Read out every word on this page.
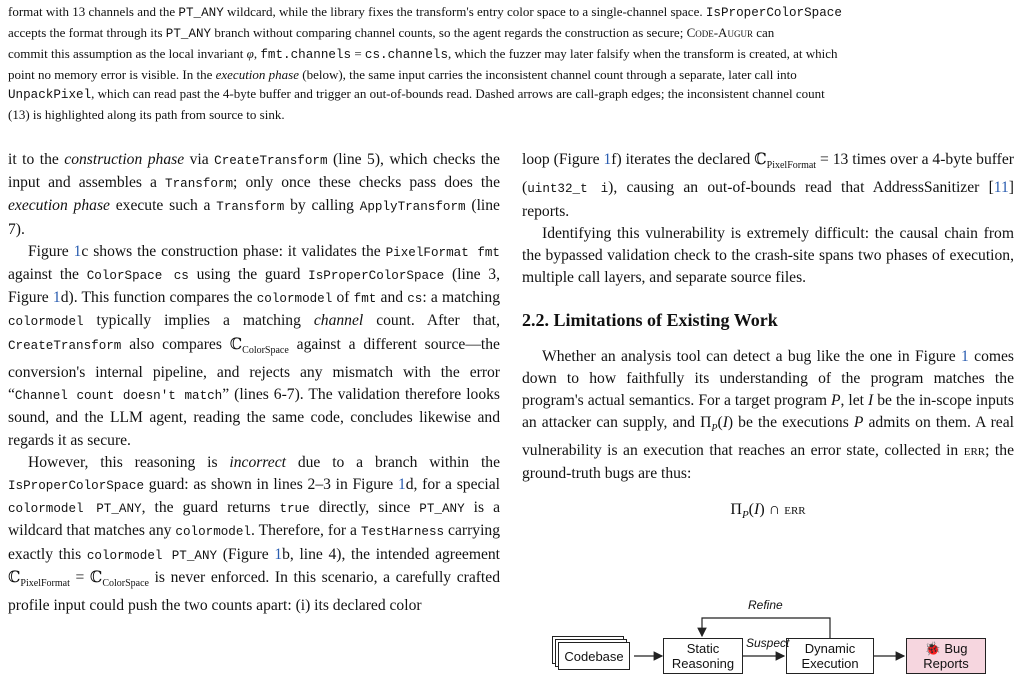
format with 13 channels and the PT_ANY wildcard, while the library fixes the transform's entry color space to a single-channel space. IsProperColorSpace

accepts the format through its PT_ANY branch without comparing channel counts, so the agent regards the construction as secure; Code-Augur can

commit this assumption as the local invariant φ, fmt.channels = cs.channels, which the fuzzer may later falsify when the transform is created, at which

point no memory error is visible. In the execution phase (below), the same input carries the inconsistent channel count through a separate, later call into

UnpackPixel, which can read past the 4-byte buffer and trigger an out-of-bounds read. Dashed arrows are call-graph edges; the inconsistent channel count

(13) is highlighted along its path from source to sink.

it to the construction phase via CreateTransform (line 5), which checks the input and assembles a Transform; only once these checks pass does the execution phase execute such a Transform by calling ApplyTransform (line 7).

Figure 1c shows the construction phase: it validates the PixelFormat fmt against the ColorSpace cs using the guard IsProperColorSpace (line 3, Figure 1d). This function compares the colormodel of fmt and cs: a matching colormodel typically implies a matching channel count. After that, CreateTransform also compares ℂ$_{ColorSpace}$ against a different source—the conversion's internal pipeline, and rejects any mismatch with the error “Channel count doesn't match” (lines 6-7). The validation therefore looks sound, and the LLM agent, reading the same code, concludes likewise and regards it as secure.

However, this reasoning is incorrect due to a branch within the IsProperColorSpace guard: as shown in lines 2–3 in Figure 1d, for a special colormodel PT_ANY, the guard returns true directly, since PT_ANY is a wildcard that matches any colormodel. Therefore, for a TestHarness carrying exactly this colormodel PT_ANY (Figure 1b, line 4), the intended agreement ℂ$_{PixelFormat}$ = ℂ$_{ColorSpace}$ is never enforced. In this scenario, a carefully crafted profile input could push the two counts apart: (i) its declared color

loop (Figure 1f) iterates the declared ℂ$_{PixelFormat}$ = 13 times over a 4-byte buffer (uint32_t i), causing an out-of-bounds read that AddressSanitizer [11] reports.

Identifying this vulnerability is extremely difficult: the causal chain from the bypassed validation check to the crash-site spans two phases of execution, multiple call layers, and separate source files.

2.2. Limitations of Existing Work

Whether an analysis tool can detect a bug like the one in Figure 1 comes down to how faithfully its understanding of the program matches the program's actual semantics. For a target program P, let I be the in-scope inputs an attacker can supply, and $\Pi_P(I)$ be the executions P admits on them. A real vulnerability is an execution that reaches an error state, collected in err; the ground-truth bugs are thus:

$\Pi_P(I)$ ∩ err
Codebase	Static
Reasoning
Dynamic
Execution
🐞 Bug
Reports
Refine
Suspect
